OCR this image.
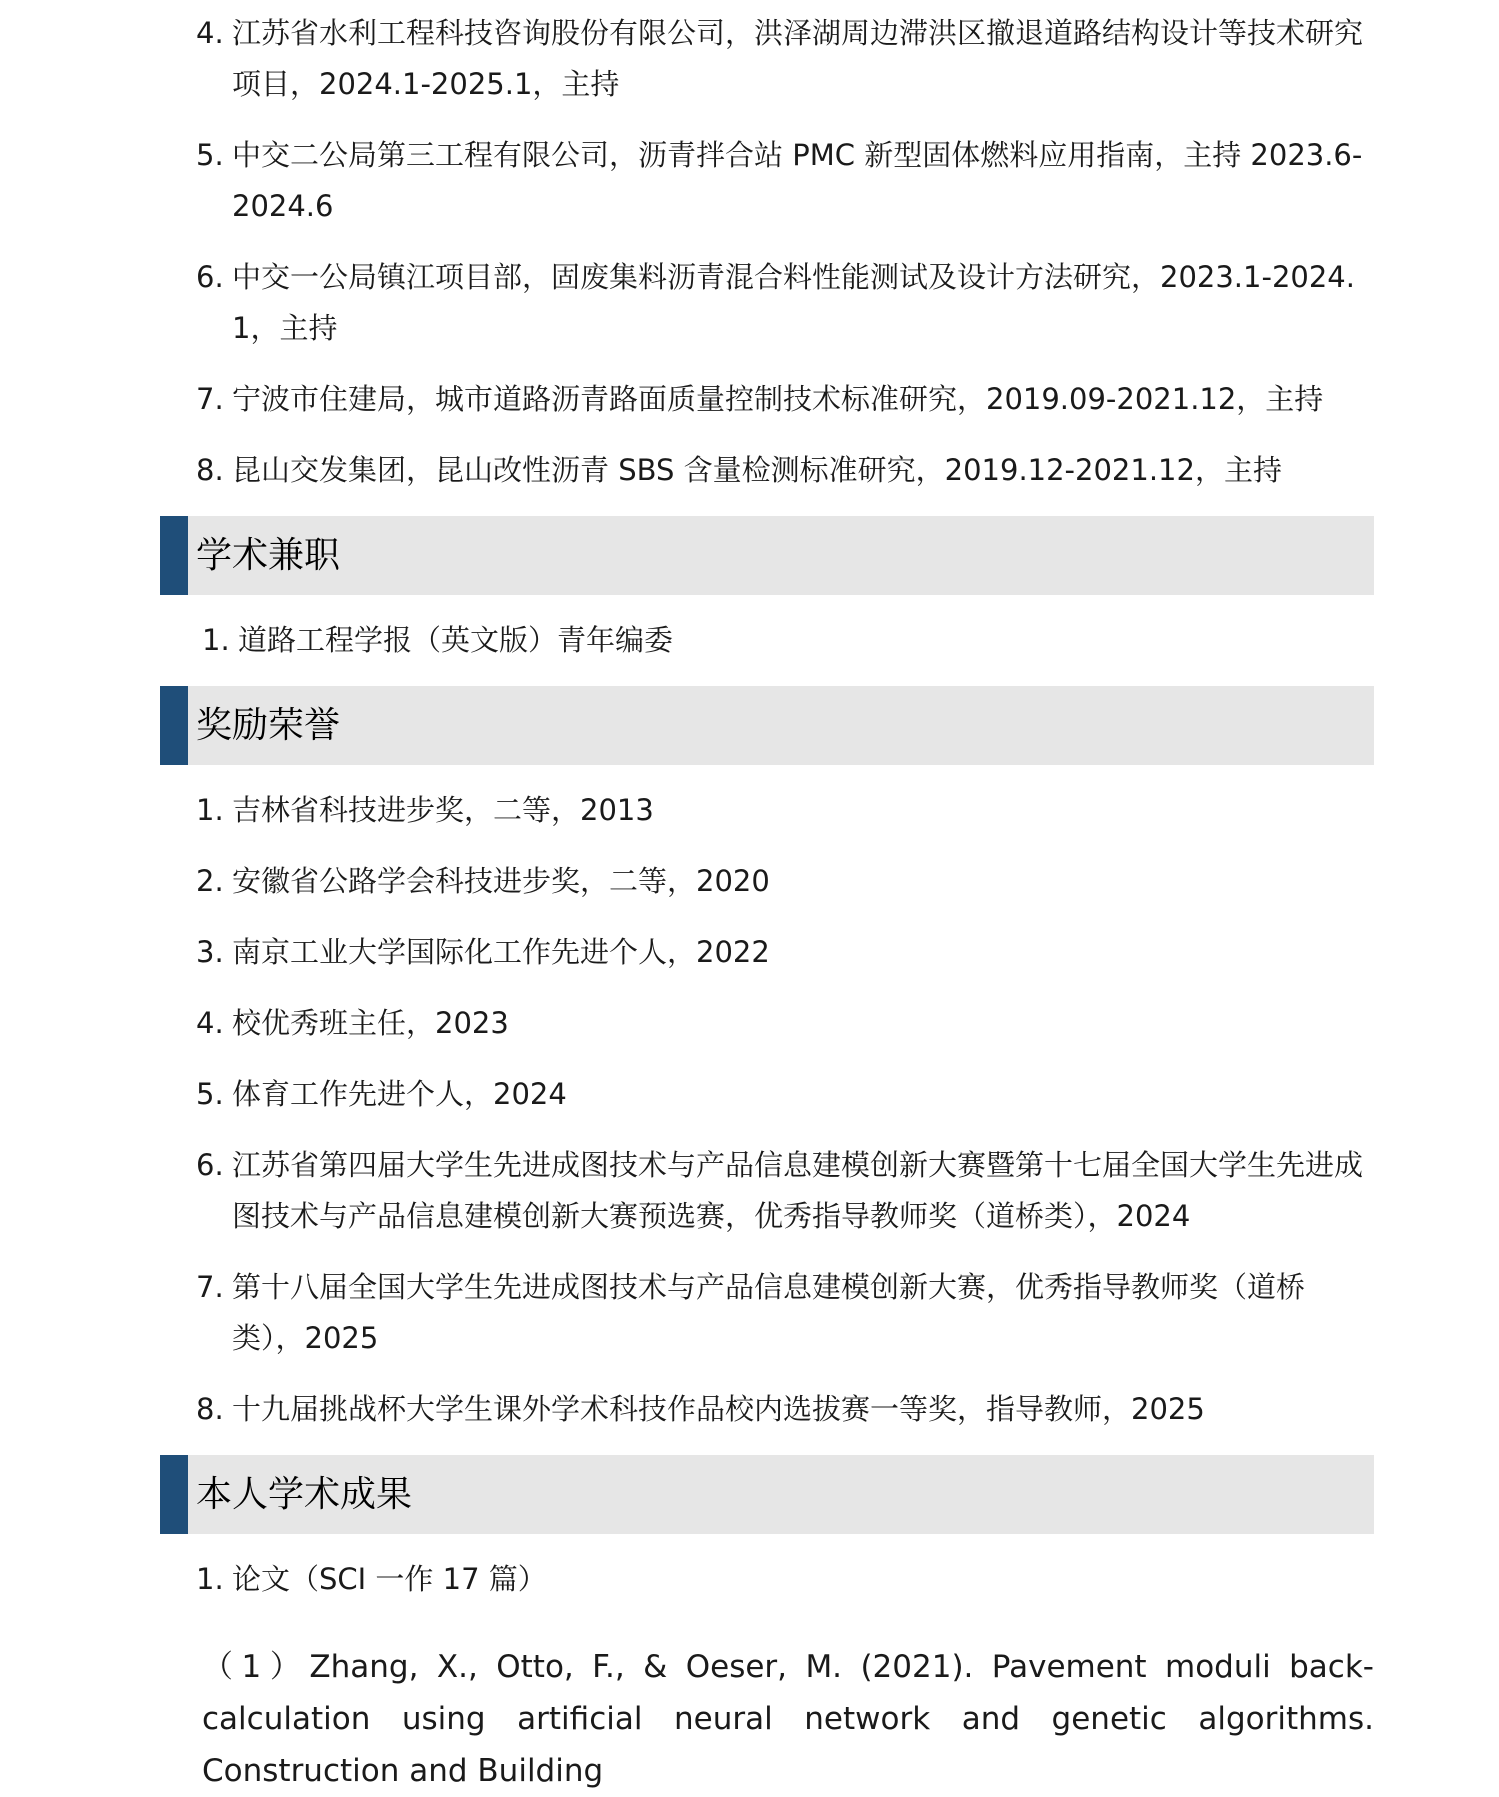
4. 江苏省水利工程科技咨询股份有限公司，洪泽湖周边滞洪区撤退道路结构设计等技术研究项目，2024.1-2025.1，主持
5. 中交二公局第三工程有限公司，沥青拌合站 PMC 新型固体燃料应用指南，主持 2023.6-2024.6
6. 中交一公局镇江项目部，固废集料沥青混合料性能测试及设计方法研究，2023.1-2024.1，主持
7. 宁波市住建局，城市道路沥青路面质量控制技术标准研究，2019.09-2021.12，主持
8. 昆山交发集团，昆山改性沥青 SBS 含量检测标准研究，2019.12-2021.12，主持
学术兼职
1. 道路工程学报（英文版）青年编委
奖励荣誉
1. 吉林省科技进步奖，二等，2013
2. 安徽省公路学会科技进步奖，二等，2020
3. 南京工业大学国际化工作先进个人，2022
4. 校优秀班主任，2023
5. 体育工作先进个人，2024
6. 江苏省第四届大学生先进成图技术与产品信息建模创新大赛暨第十七届全国大学生先进成图技术与产品信息建模创新大赛预选赛，优秀指导教师奖（道桥类），2024
7. 第十八届全国大学生先进成图技术与产品信息建模创新大赛，优秀指导教师奖（道桥类），2025
8. 十九届挑战杯大学生课外学术科技作品校内选拔赛一等奖，指导教师，2025
本人学术成果
1. 论文（SCI 一作 17 篇）
（1）Zhang, X., Otto, F., & Oeser, M. (2021). Pavement moduli back-calculation using artificial neural network and genetic algorithms. Construction and Building
